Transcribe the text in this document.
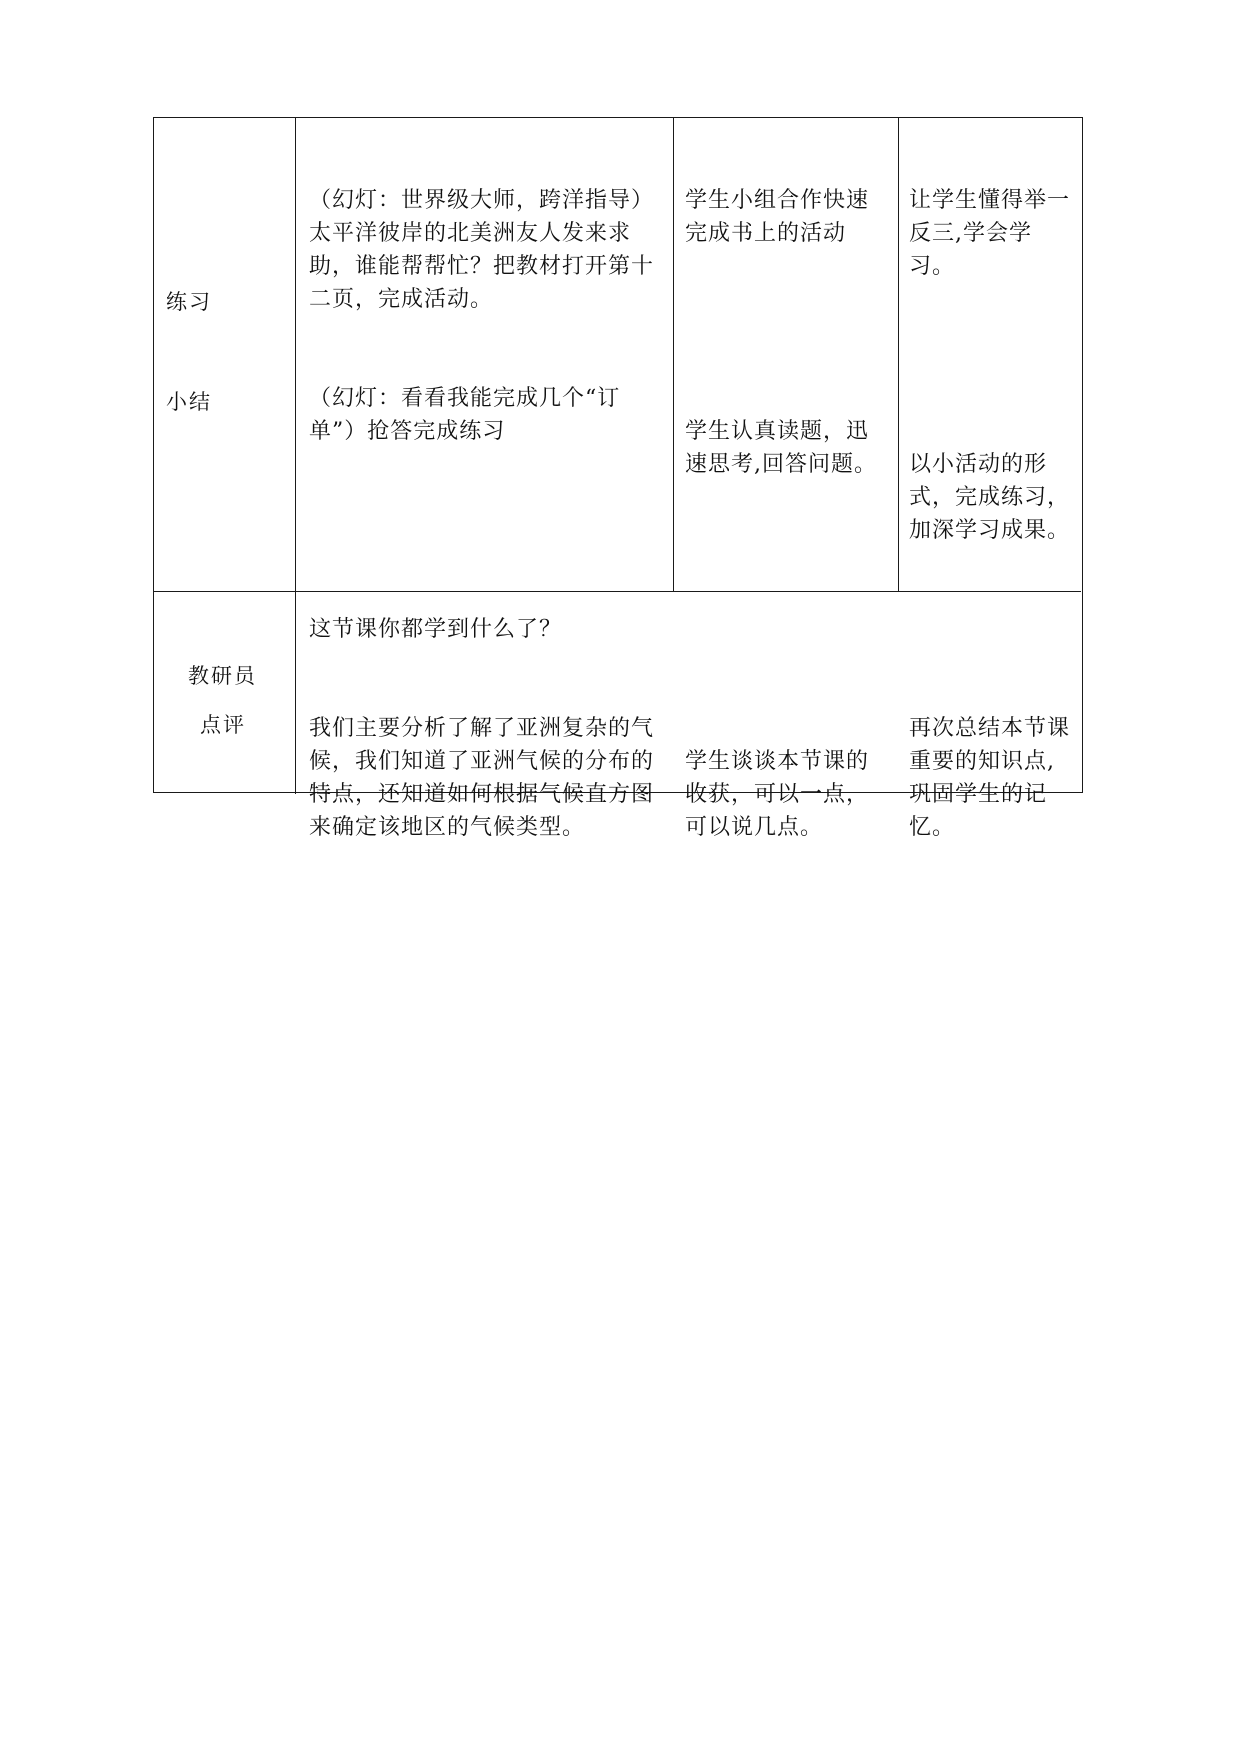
练习
小结

（幻灯：世界级大师，跨洋指导）太平洋彼岸的北美洲友人发来求助，谁能帮帮忙？把教材打开第十二页，完成活动。

（幻灯：看看我能完成几个“订单”）抢答完成练习

这节课你都学到什么了？

我们主要分析了解了亚洲复杂的气候，我们知道了亚洲气候的分布的特点，还知道如何根据气候直方图来确定该地区的气候类型。

学生小组合作快速完成书上的活动

学生认真读题，迅速思考,回答问题。

学生谈谈本节课的收获，可以一点，可以说几点。

让学生懂得举一反三,学会学习。

以小活动的形式，完成练习，加深学习成果。

再次总结本节课重要的知识点,巩固学生的记忆。

教研员
点评
